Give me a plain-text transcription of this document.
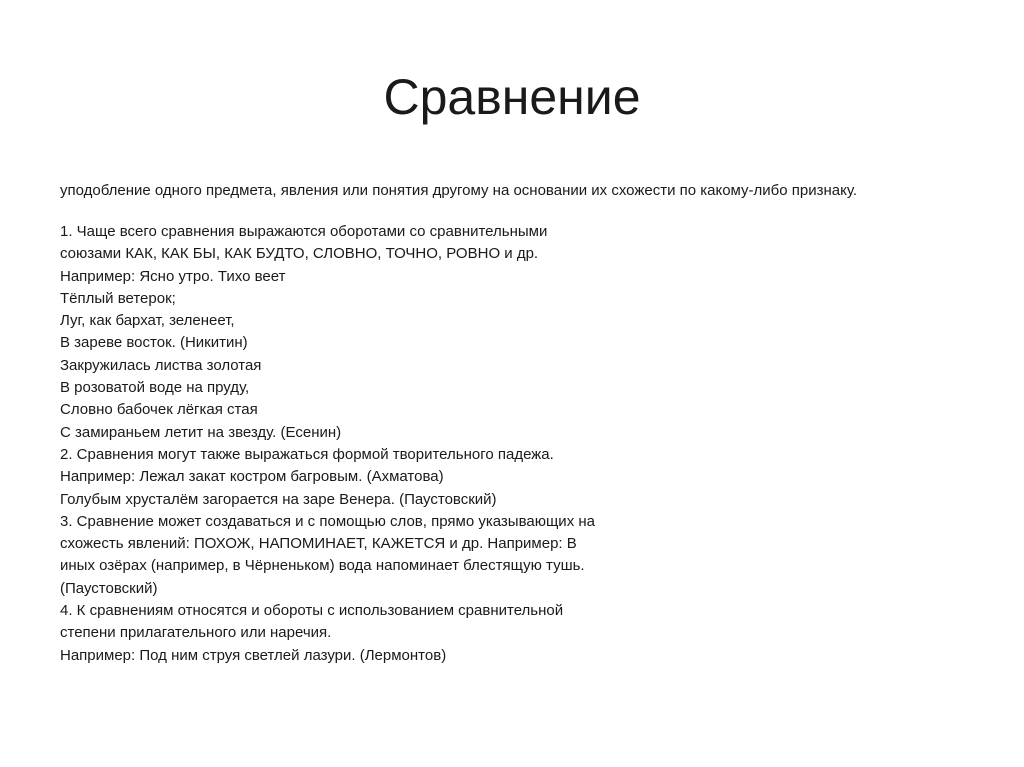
Сравнение

уподобление одного предмета, явления или понятия другому на основании их схожести по какому-либо признаку.

1. Чаще всего сравнения выражаются оборотами со сравнительными
союзами КАК, КАК БЫ, КАК БУДТО, СЛОВНО, ТОЧНО, РОВНО и др.
Например: Ясно утро. Тихо веет
Тёплый ветерок;
Луг, как бархат, зеленеет,
В зареве восток. (Никитин)
Закружилась листва золотая
В розоватой воде на пруду,
Словно бабочек лёгкая стая
С замираньем летит на звезду. (Есенин)
2. Сравнения могут также выражаться формой творительного падежа.
Например: Лежал закат костром багровым. (Ахматова)
Голубым хрусталём загорается на заре Венера. (Паустовский)
3. Сравнение может создаваться и с помощью слов, прямо указывающих на
схожесть явлений: ПОХОЖ, НАПОМИНАЕТ, КАЖЕТСЯ и др. Например: В
иных озёрах (например, в Чёрненьком) вода напоминает блестящую тушь.
(Паустовский)
4. К сравнениям относятся и обороты с использованием сравнительной
степени прилагательного или наречия.
Например: Под ним струя светлей лазури. (Лермонтов)
